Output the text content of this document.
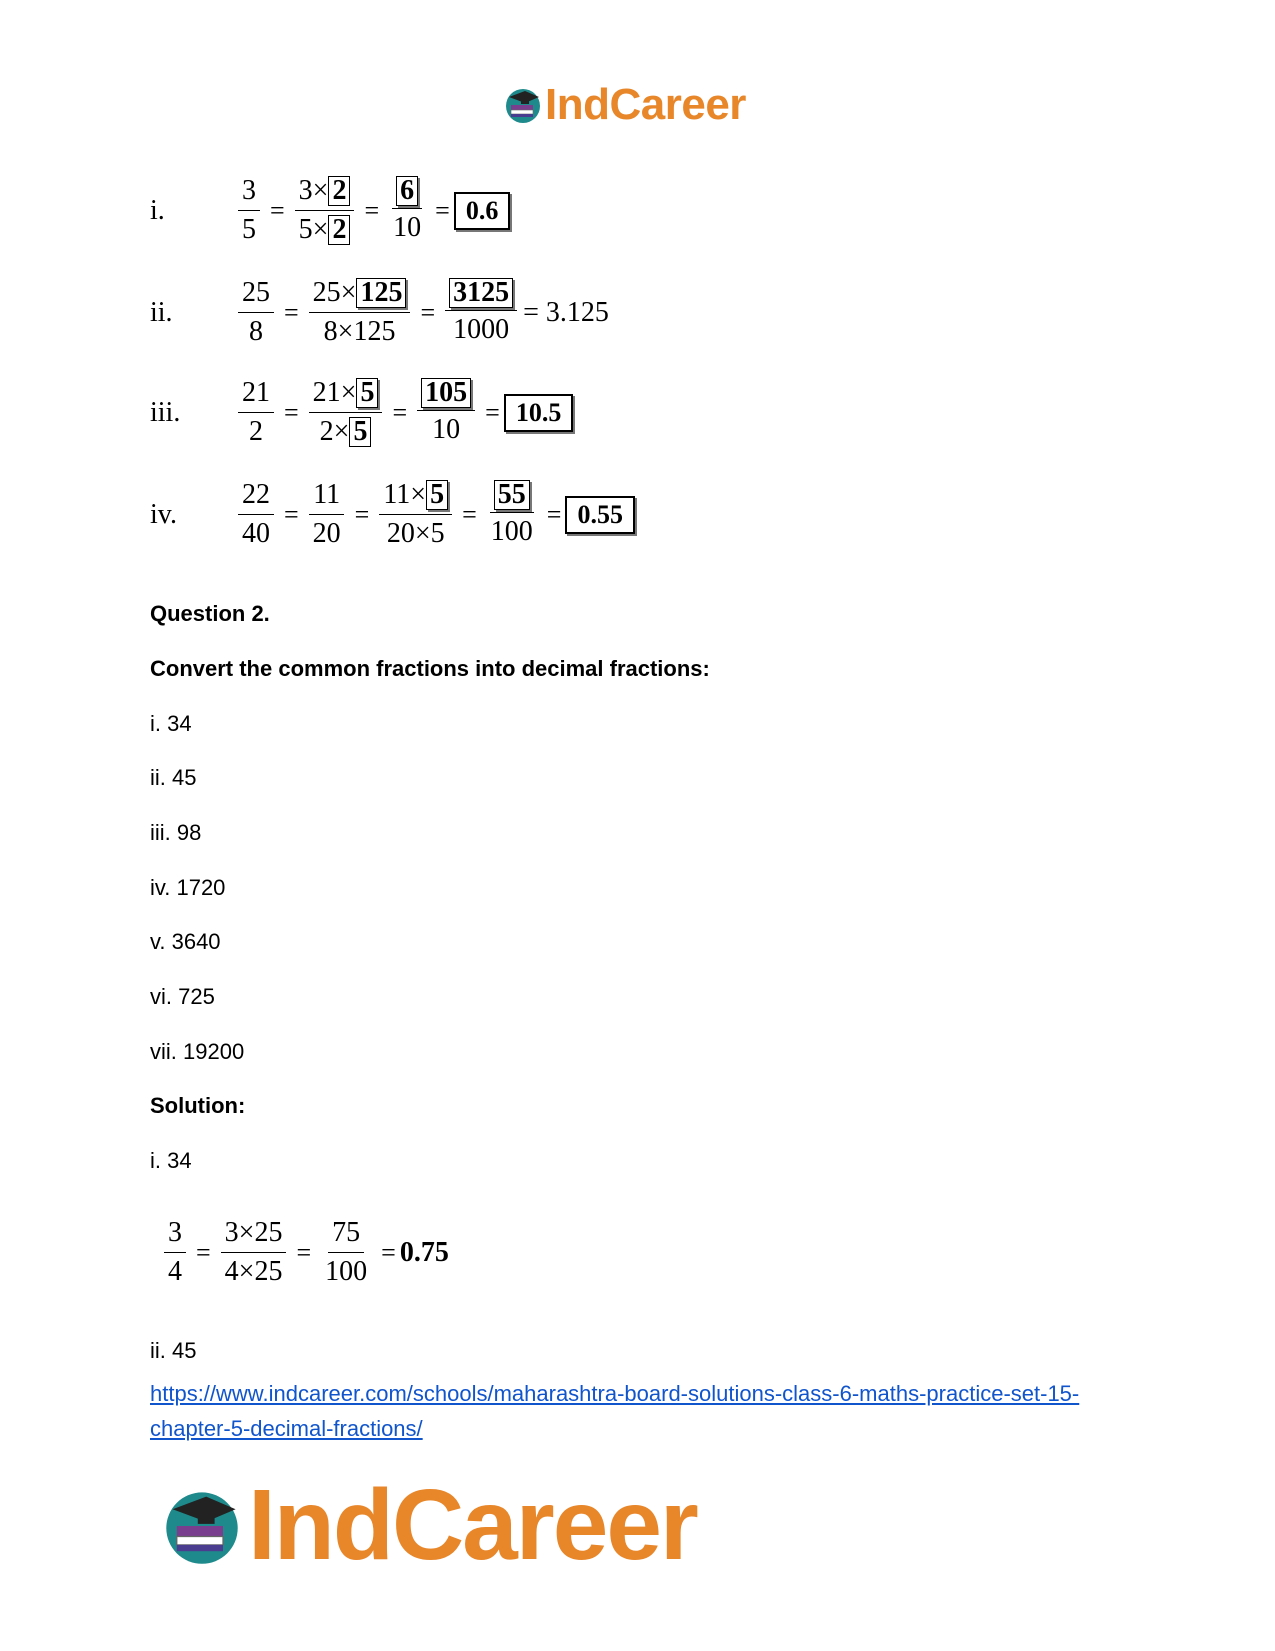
IndCareer
i.	$\frac{3}{5} = \frac{3\times 2}{5\times 2} = \frac{6}{10} = 0.6$
ii.	$\frac{25}{8} = \frac{25\times 125}{8\times 125} = \frac{3125}{1000} = 3.125$
iii.	$\frac{21}{2} = \frac{21\times 5}{2\times 5} = \frac{105}{10} = 10.5$
iv.	$\frac{22}{40} = \frac{11}{20} = \frac{11\times 5}{20\times 5} = \frac{55}{100} = 0.55$
Question 2.
Convert the common fractions into decimal fractions:
i. 34
ii. 45
iii. 98
iv. 1720
v. 3640
vi. 725
vii. 19200
Solution:
i. 34
$\frac{3}{4} = \frac{3\times 25}{4\times 25} = \frac{75}{100} = 0.75$
ii. 45
https://www.indcareer.com/schools/maharashtra-board-solutions-class-6-maths-practice-set-15-chapter-5-decimal-fractions/
IndCareer
